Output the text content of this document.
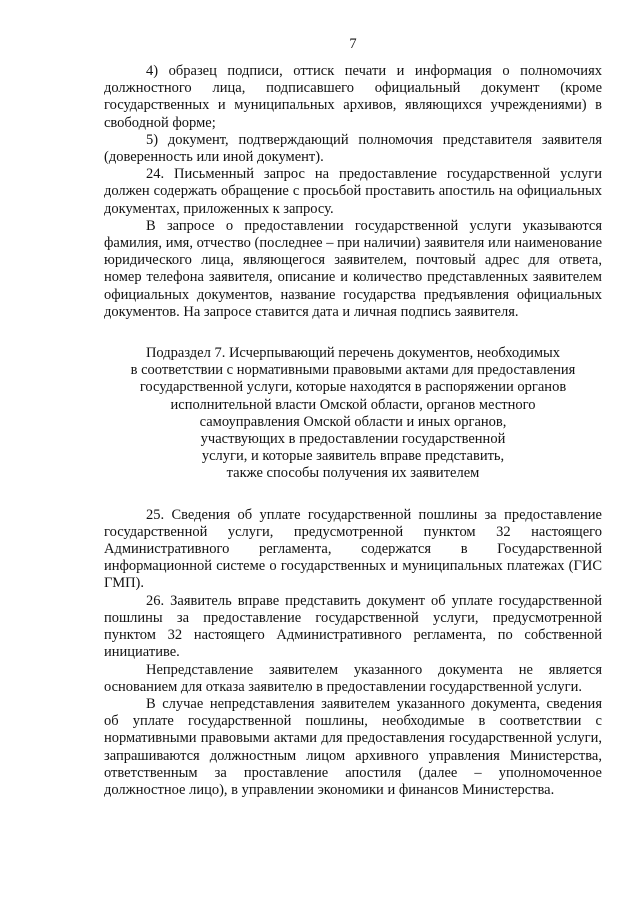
7

4) образец подписи, оттиск печати и информация о полномочиях должностного лица, подписавшего официальный документ (кроме государственных и муниципальных архивов, являющихся учреждениями) в свободной форме;

5) документ, подтверждающий полномочия представителя заявителя (доверенность или иной документ).

24. Письменный запрос на предоставление государственной услуги должен содержать обращение с просьбой проставить апостиль на официальных документах, приложенных к запросу.

В запросе о предоставлении государственной услуги указываются фамилия, имя, отчество (последнее – при наличии) заявителя или наименование юридического лица, являющегося заявителем, почтовый адрес для ответа, номер телефона заявителя, описание и количество представленных заявителем официальных документов, название государства предъявления официальных документов. На запросе ставится дата и личная подпись заявителя.

Подраздел 7. Исчерпывающий перечень документов, необходимых
в соответствии с нормативными правовыми актами для предоставления
государственной услуги, которые находятся в распоряжении органов
исполнительной власти Омской области, органов местного
самоуправления Омской области и иных органов,
участвующих в предоставлении государственной
услуги, и которые заявитель вправе представить,
также способы получения их заявителем

25. Сведения об уплате государственной пошлины за предоставление государственной услуги, предусмотренной пунктом 32 настоящего Административного регламента, содержатся в Государственной информационной системе о государственных и муниципальных платежах (ГИС ГМП).

26. Заявитель вправе представить документ об уплате государственной пошлины за предоставление государственной услуги, предусмотренной пунктом 32 настоящего Административного регламента, по собственной инициативе.

Непредставление заявителем указанного документа не является основанием для отказа заявителю в предоставлении государственной услуги.

В случае непредставления заявителем указанного документа, сведения об уплате государственной пошлины, необходимые в соответствии с нормативными правовыми актами для предоставления государственной услуги, запрашиваются должностным лицом архивного управления Министерства, ответственным за проставление апостиля (далее – уполномоченное должностное лицо), в управлении экономики и финансов Министерства.
